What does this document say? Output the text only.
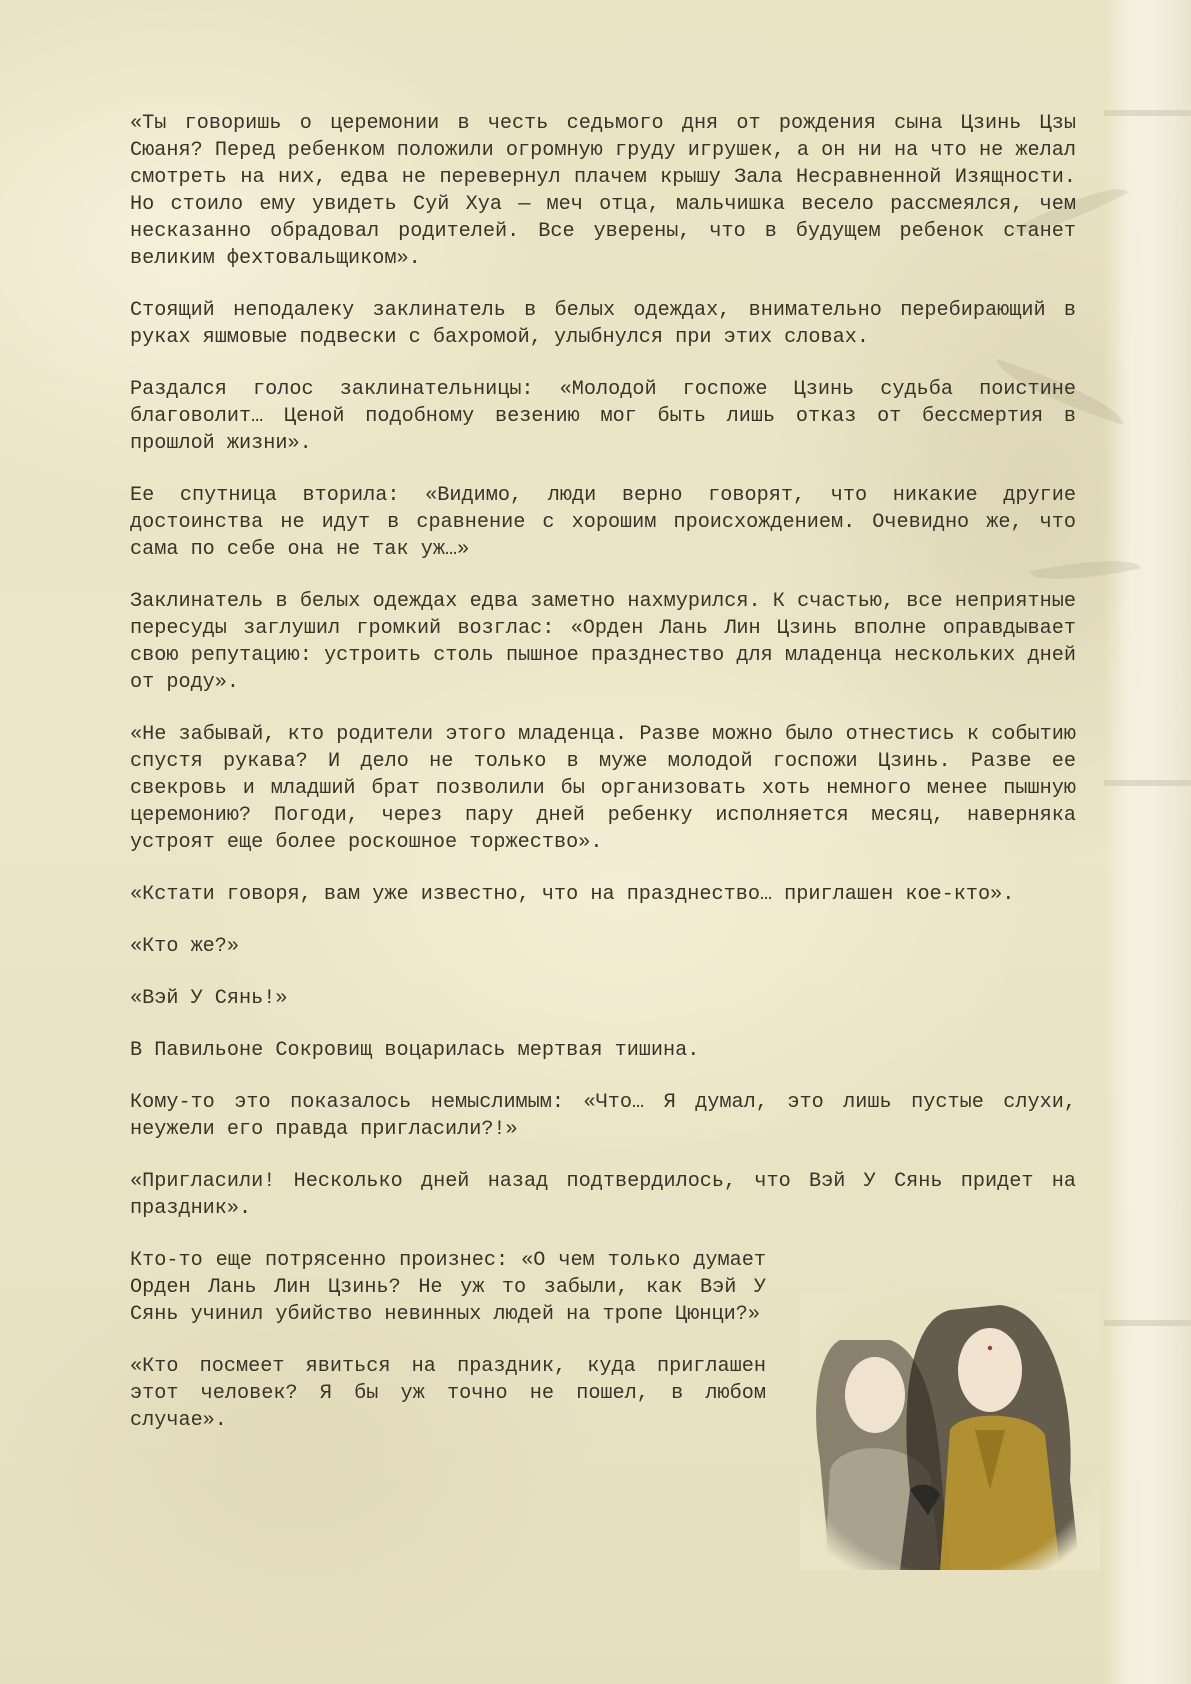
«Ты говоришь о церемонии в честь седьмого дня от рождения сына Цзинь Цзы Сюаня? Перед ребенком положили огромную груду игрушек, а он ни на что не желал смотреть на них, едва не перевернул плачем крышу Зала Несравненной Изящности. Но стоило ему увидеть Суй Хуа — меч отца, мальчишка весело рассмеялся, чем несказанно обрадовал родителей. Все уверены, что в будущем ребенок станет великим фехтовальщиком».

Стоящий неподалеку заклинатель в белых одеждах, внимательно перебирающий в руках яшмовые подвески с бахромой, улыбнулся при этих словах.

Раздался голос заклинательницы: «Молодой госпоже Цзинь судьба поистине благоволит… Ценой подобному везению мог быть лишь отказ от бессмертия в прошлой жизни».

Ее спутница вторила: «Видимо, люди верно говорят, что никакие другие достоинства не идут в сравнение с хорошим происхождением. Очевидно же, что сама по себе она не так уж…»

Заклинатель в белых одеждах едва заметно нахмурился. К счастью, все неприятные пересуды заглушил громкий возглас: «Орден Лань Лин Цзинь вполне оправдывает свою репутацию: устроить столь пышное празднество для младенца нескольких дней от роду».

«Не забывай, кто родители этого младенца. Разве можно было отнестись к событию спустя рукава? И дело не только в муже молодой госпожи Цзинь. Разве ее свекровь и младший брат позволили бы организовать хоть немного менее пышную церемонию? Погоди, через пару дней ребенку исполняется месяц, наверняка устроят еще более роскошное торжество».

«Кстати говоря, вам уже известно, что на празднество… приглашен кое-кто».

«Кто же?»

«Вэй У Сянь!»

В Павильоне Сокровищ воцарилась мертвая тишина.

Кому-то это показалось немыслимым: «Что… Я думал, это лишь пустые слухи, неужели его правда пригласили?!»

«Пригласили! Несколько дней назад подтвердилось, что Вэй У Сянь придет на праздник».

Кто-то еще потрясенно произнес: «О чем только думает Орден Лань Лин Цзинь? Не уж то забыли, как Вэй У Сянь учинил убийство невинных людей на тропе Цюнци?»

«Кто посмеет явиться на праздник, куда приглашен этот человек? Я бы уж точно не пошел, в любом случае».
